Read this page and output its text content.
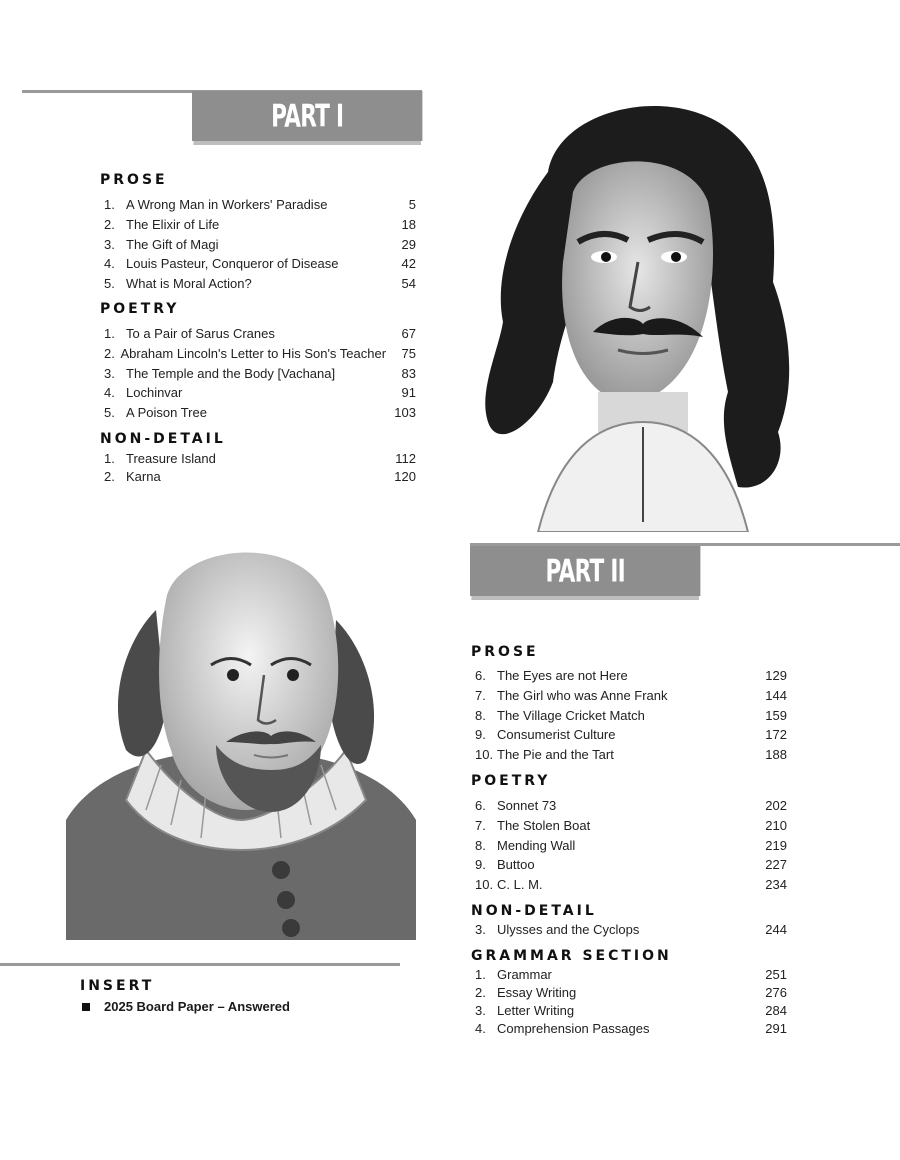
PART I
PROSE
1. A Wrong Man in Workers' Paradise	5
2. The Elixir of Life	18
3. The Gift of Magi	29
4. Louis Pasteur, Conqueror of Disease	42
5. What is Moral Action?	54
POETRY
1. To a Pair of Sarus Cranes	67
2. Abraham Lincoln's Letter to His Son's Teacher	75
3. The Temple and the Body [Vachana]	83
4. Lochinvar	91
5. A Poison Tree	103
NON-DETAIL
1. Treasure Island	112
2. Karna	120
PART II
PROSE
6. The Eyes are not Here	129
7. The Girl who was Anne Frank	144
8. The Village Cricket Match	159
9. Consumerist Culture	172
10. The Pie and the Tart	188
POETRY
6. Sonnet 73	202
7. The Stolen Boat	210
8. Mending Wall	219
9. Buttoo	227
10. C. L. M.	234
NON-DETAIL
3. Ulysses and the Cyclops	244
GRAMMAR SECTION
1. Grammar	251
2. Essay Writing	276
3. Letter Writing	284
4. Comprehension Passages	291
INSERT
2025 Board Paper – Answered
